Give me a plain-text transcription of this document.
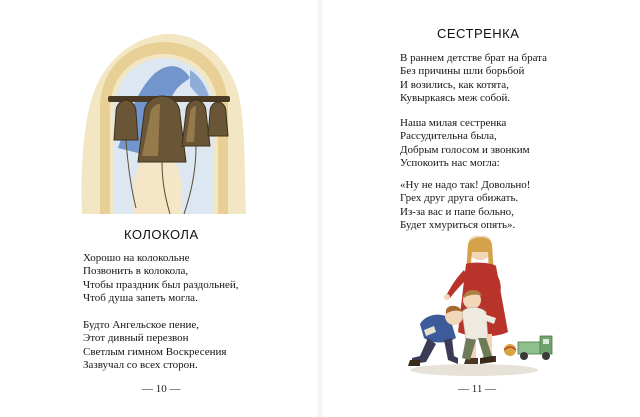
КОЛОКОЛА
Хорошо на колокольне
Позвонить в колокола,
Чтобы праздник был раздольней,
Чтоб душа запеть могла.
Будто Ангельское пение,
Этот дивный перезвон
Светлым гимном Воскресения
Зазвучал со всех сторон.
— 10 —
СЕСТРЕНКА
В раннем детстве брат на брата
Без причины шли борьбой
И возились, как котята,
Кувыркаясь меж собой.
Наша милая сестренка
Рассудительна была,
Добрым голосом и звонким
Успокоить нас могла:
«Ну не надо так! Довольно!
Грех друг друга обижать.
Из-за вас и папе больно,
Будет хмуриться опять».
— 11 —
